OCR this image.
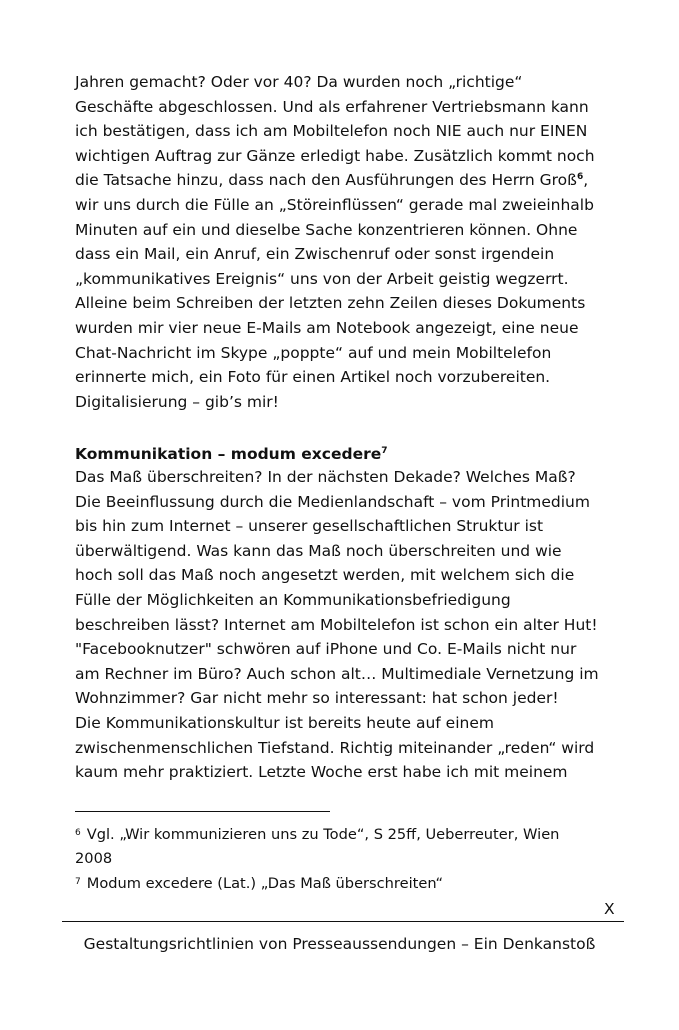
Jahren gemacht? Oder vor 40? Da wurden noch „richtige“
Geschäfte abgeschlossen. Und als erfahrener Vertriebsmann kann
ich bestätigen, dass ich am Mobiltelefon noch NIE auch nur EINEN
wichtigen Auftrag zur Gänze erledigt habe. Zusätzlich kommt noch
die Tatsache hinzu, dass nach den Ausführungen des Herrn Groß$^6$,
wir uns durch die Fülle an „Störeinflüssen“ gerade mal zweieinhalb
Minuten auf ein und dieselbe Sache konzentrieren können. Ohne
dass ein Mail, ein Anruf, ein Zwischenruf oder sonst irgendein
„kommunikatives Ereignis“ uns von der Arbeit geistig wegzerrt.
Alleine beim Schreiben der letzten zehn Zeilen dieses Dokuments
wurden mir vier neue E-Mails am Notebook angezeigt, eine neue
Chat-Nachricht im Skype „poppte“ auf und mein Mobiltelefon
erinnerte mich, ein Foto für einen Artikel noch vorzubereiten.
Digitalisierung – gib’s mir!

Kommunikation – modum excedere$^7$

Das Maß überschreiten? In der nächsten Dekade? Welches Maß?
Die Beeinflussung durch die Medienlandschaft – vom Printmedium
bis hin zum Internet – unserer gesellschaftlichen Struktur ist
überwältigend. Was kann das Maß noch überschreiten und wie
hoch soll das Maß noch angesetzt werden, mit welchem sich die
Fülle der Möglichkeiten an Kommunikationsbefriedigung
beschreiben lässt? Internet am Mobiltelefon ist schon ein alter Hut!
"Facebooknutzer" schwören auf iPhone und Co. E-Mails nicht nur
am Rechner im Büro? Auch schon alt… Multimediale Vernetzung im
Wohnzimmer? Gar nicht mehr so interessant: hat schon jeder!
Die Kommunikationskultur ist bereits heute auf einem
zwischenmenschlichen Tiefstand. Richtig miteinander „reden“ wird
kaum mehr praktiziert. Letzte Woche erst habe ich mit meinem

$^6$ Vgl. „Wir kommunizieren uns zu Tode“, S 25ff, Ueberreuter, Wien
2008

$^7$ Modum excedere (Lat.) „Das Maß überschreiten“

X
Gestaltungsrichtlinien von Presseaussendungen – Ein Denkanstoß
